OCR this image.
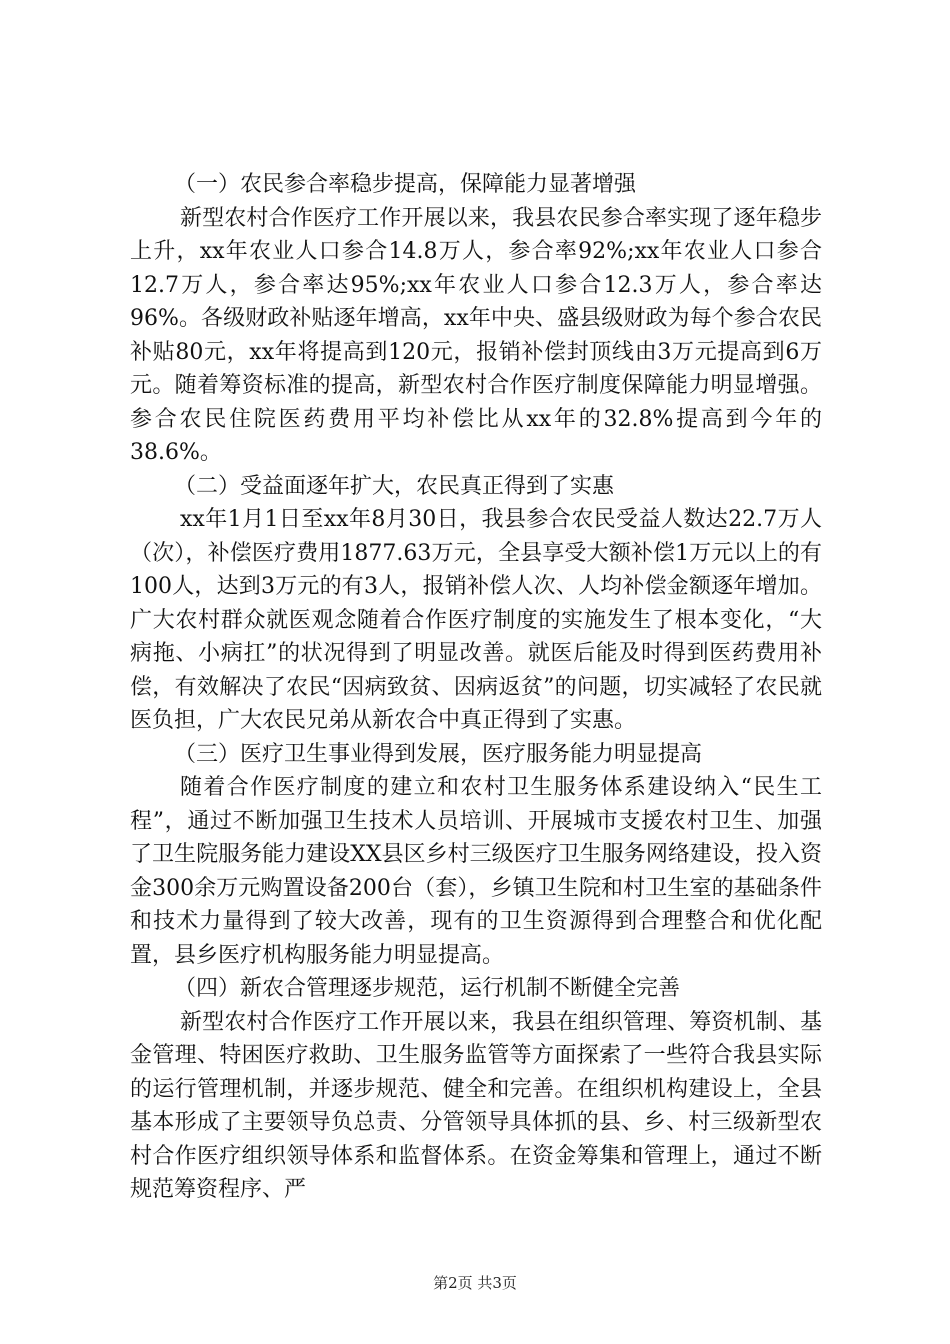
（一）农民参合率稳步提高，保障能力显著增强

新型农村合作医疗工作开展以来，我县农民参合率实现了逐年稳步上升，xx年农业人口参合14.8万人，参合率92%;xx年农业人口参合12.7万人，参合率达95%;xx年农业人口参合12.3万人，参合率达96%。各级财政补贴逐年增高，xx年中央、盛县级财政为每个参合农民补贴80元，xx年将提高到120元，报销补偿封顶线由3万元提高到6万元。随着筹资标准的提高，新型农村合作医疗制度保障能力明显增强。参合农民住院医药费用平均补偿比从xx年的32.8%提高到今年的38.6%。

（二）受益面逐年扩大，农民真正得到了实惠

xx年1月1日至xx年8月30日，我县参合农民受益人数达22.7万人（次），补偿医疗费用1877.63万元，全县享受大额补偿1万元以上的有100人，达到3万元的有3人，报销补偿人次、人均补偿金额逐年增加。广大农村群众就医观念随着合作医疗制度的实施发生了根本变化，“大病拖、小病扛”的状况得到了明显改善。就医后能及时得到医药费用补偿，有效解决了农民“因病致贫、因病返贫”的问题，切实减轻了农民就医负担，广大农民兄弟从新农合中真正得到了实惠。

（三）医疗卫生事业得到发展，医疗服务能力明显提高

随着合作医疗制度的建立和农村卫生服务体系建设纳入“民生工程”，通过不断加强卫生技术人员培训、开展城市支援农村卫生、加强了卫生院服务能力建设XX县区乡村三级医疗卫生服务网络建设，投入资金300余万元购置设备200台（套），乡镇卫生院和村卫生室的基础条件和技术力量得到了较大改善，现有的卫生资源得到合理整合和优化配置，县乡医疗机构服务能力明显提高。

（四）新农合管理逐步规范，运行机制不断健全完善

新型农村合作医疗工作开展以来，我县在组织管理、筹资机制、基金管理、特困医疗救助、卫生服务监管等方面探索了一些符合我县实际的运行管理机制，并逐步规范、健全和完善。在组织机构建设上，全县基本形成了主要领导负总责、分管领导具体抓的县、乡、村三级新型农村合作医疗组织领导体系和监督体系。在资金筹集和管理上，通过不断规范筹资程序、严

第2页 共3页
